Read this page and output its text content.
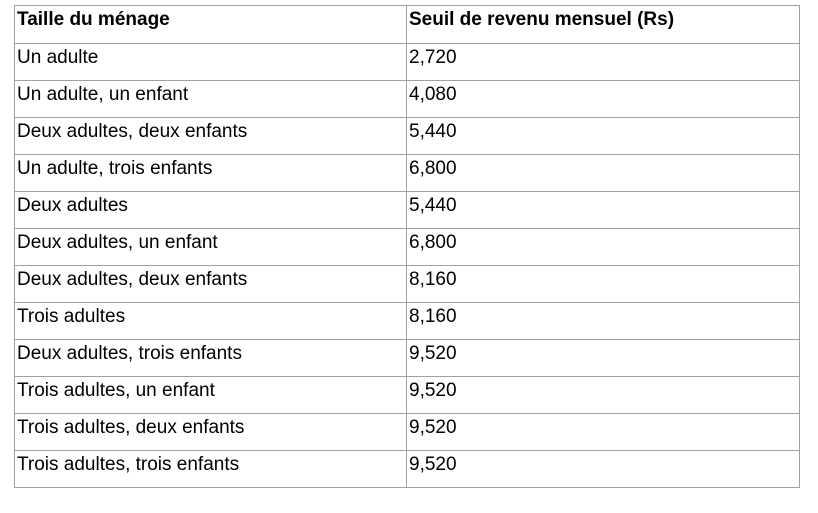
Taille du ménage	Seuil de revenu mensuel (Rs)
Un adulte	2,720
Un adulte, un enfant	4,080
Deux adultes, deux enfants	5,440
Un adulte, trois enfants	6,800
Deux adultes	5,440
Deux adultes, un enfant	6,800
Deux adultes, deux enfants	8,160
Trois adultes	8,160
Deux adultes, trois enfants	9,520
Trois adultes, un enfant	9,520
Trois adultes, deux enfants	9,520
Trois adultes, trois enfants	9,520
